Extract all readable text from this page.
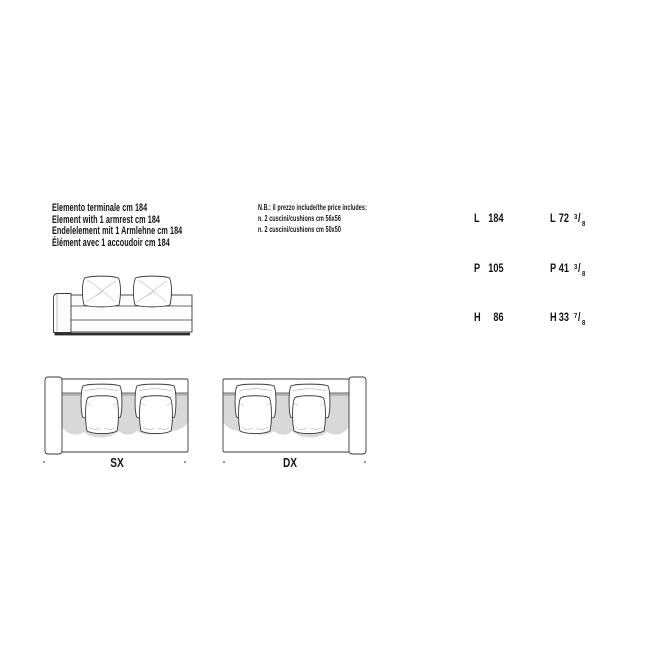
Elemento terminale cm 184
Element with 1 armrest cm 184
Endelelement mit 1 Armlehne cm 184
Élément avec 1 accoudoir cm 184
N.B.: il prezzo include/the price includes:
n. 2 cuscini/cushions cm 56x56
n. 2 cuscini/cushions cm 50x50
L 184	L 72 3 / 8
P 105	P 41 3 / 8
H	86	H 33 7 / 8
SX	DX
